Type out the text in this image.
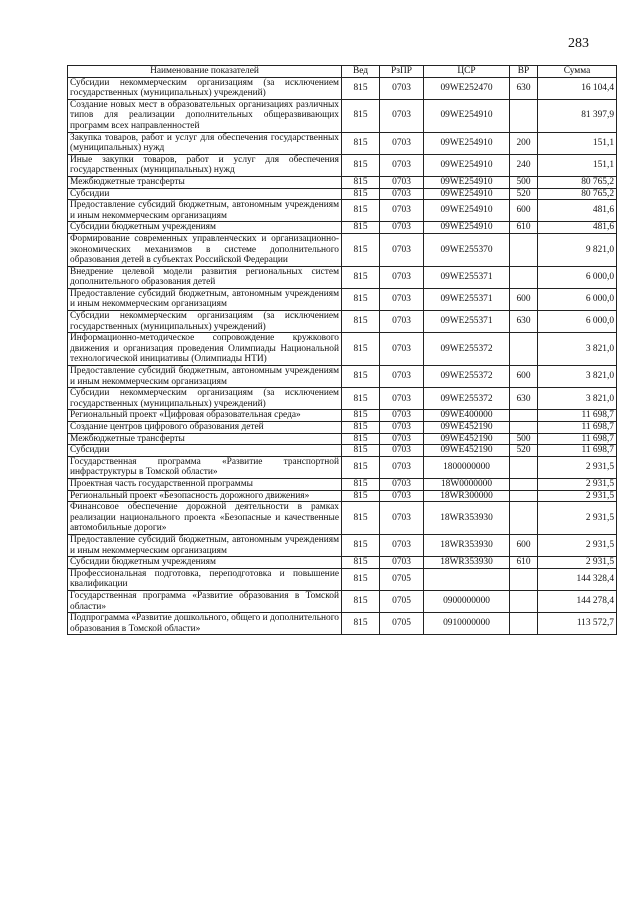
283
Наименование показателей	Вед	РзПР	ЦСР	ВР	Сумма
Субсидии некоммерческим организациям (за исключением государственных (муниципальных) учреждений)	815	0703	09WE252470	630	16 104,4
Создание новых мест в образовательных организациях различных типов для реализации дополнительных общеразвивающих программ всех направленностей	815	0703	09WE254910		81 397,9
Закупка товаров, работ и услуг для обеспечения государственных (муниципальных) нужд	815	0703	09WE254910	200	151,1
Иные закупки товаров, работ и услуг для обеспечения государственных (муниципальных) нужд	815	0703	09WE254910	240	151,1
Межбюджетные трансферты	815	0703	09WE254910	500	80 765,2
Субсидии	815	0703	09WE254910	520	80 765,2
Предоставление субсидий бюджетным, автономным учреждениям и иным некоммерческим организациям	815	0703	09WE254910	600	481,6
Субсидии бюджетным учреждениям	815	0703	09WE254910	610	481,6
Формирование современных управленческих и организационно-экономических механизмов в системе дополнительного образования детей в субъектах Российской Федерации	815	0703	09WE255370		9 821,0
Внедрение целевой модели развития региональных систем дополнительного образования детей	815	0703	09WE255371		6 000,0
Предоставление субсидий бюджетным, автономным учреждениям и иным некоммерческим организациям	815	0703	09WE255371	600	6 000,0
Субсидии некоммерческим организациям (за исключением государственных (муниципальных) учреждений)	815	0703	09WE255371	630	6 000,0
Информационно-методическое сопровождение кружкового движения и организация проведения Олимпиады Национальной технологической инициативы (Олимпиады НТИ)	815	0703	09WE255372		3 821,0
Предоставление субсидий бюджетным, автономным учреждениям и иным некоммерческим организациям	815	0703	09WE255372	600	3 821,0
Субсидии некоммерческим организациям (за исключением государственных (муниципальных) учреждений)	815	0703	09WE255372	630	3 821,0
Региональный проект «Цифровая образовательная среда»	815	0703	09WE400000		11 698,7
Создание центров цифрового образования детей	815	0703	09WE452190		11 698,7
Межбюджетные трансферты	815	0703	09WE452190	500	11 698,7
Субсидии	815	0703	09WE452190	520	11 698,7
Государственная программа «Развитие транспортной инфраструктуры в Томской области»	815	0703	1800000000		2 931,5
Проектная часть государственной программы	815	0703	18W0000000		2 931,5
Региональный проект «Безопасность дорожного движения»	815	0703	18WR300000		2 931,5
Финансовое обеспечение дорожной деятельности в рамках реализации национального проекта «Безопасные и качественные автомобильные дороги»	815	0703	18WR353930		2 931,5
Предоставление субсидий бюджетным, автономным учреждениям и иным некоммерческим организациям	815	0703	18WR353930	600	2 931,5
Субсидии бюджетным учреждениям	815	0703	18WR353930	610	2 931,5
Профессиональная подготовка, переподготовка и повышение квалификации	815	0705			144 328,4
Государственная программа «Развитие образования в Томской области»	815	0705	0900000000		144 278,4
Подпрограмма «Развитие дошкольного, общего и дополнительного образования в Томской области»	815	0705	0910000000		113 572,7
